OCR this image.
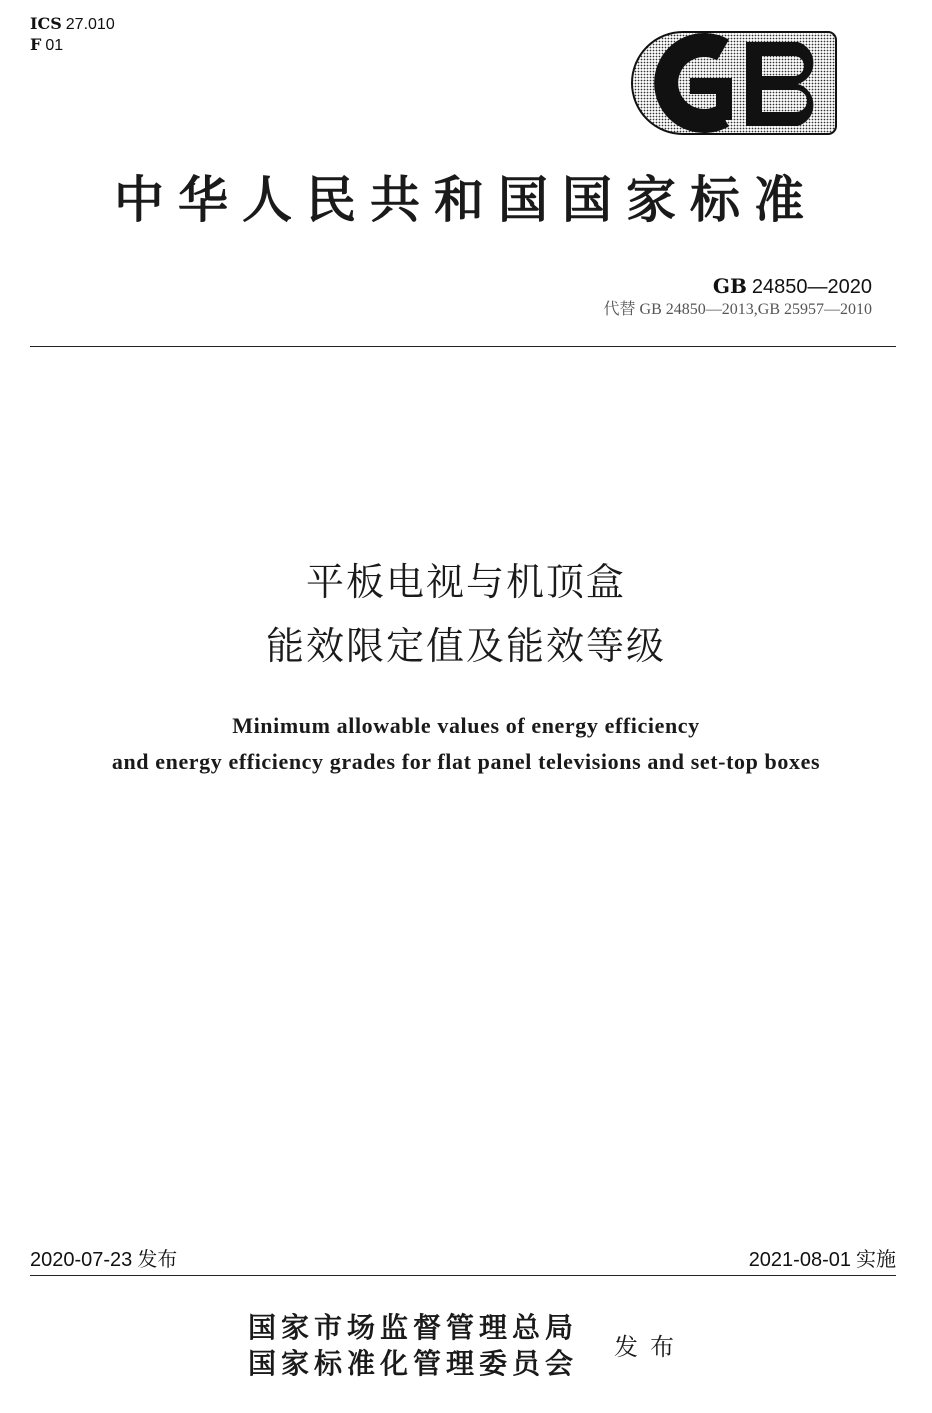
ICS 27.010
F 01
中华人民共和国国家标准
GB 24850—2020
代替 GB 24850—2013,GB 25957—2010
平板电视与机顶盒
能效限定值及能效等级
Minimum allowable values of energy efficiency
and energy efficiency grades for flat panel televisions and set-top boxes
2020-07-23 发布	2021-08-01 实施
国家市场监督管理总局
国家标准化管理委员会 发布
